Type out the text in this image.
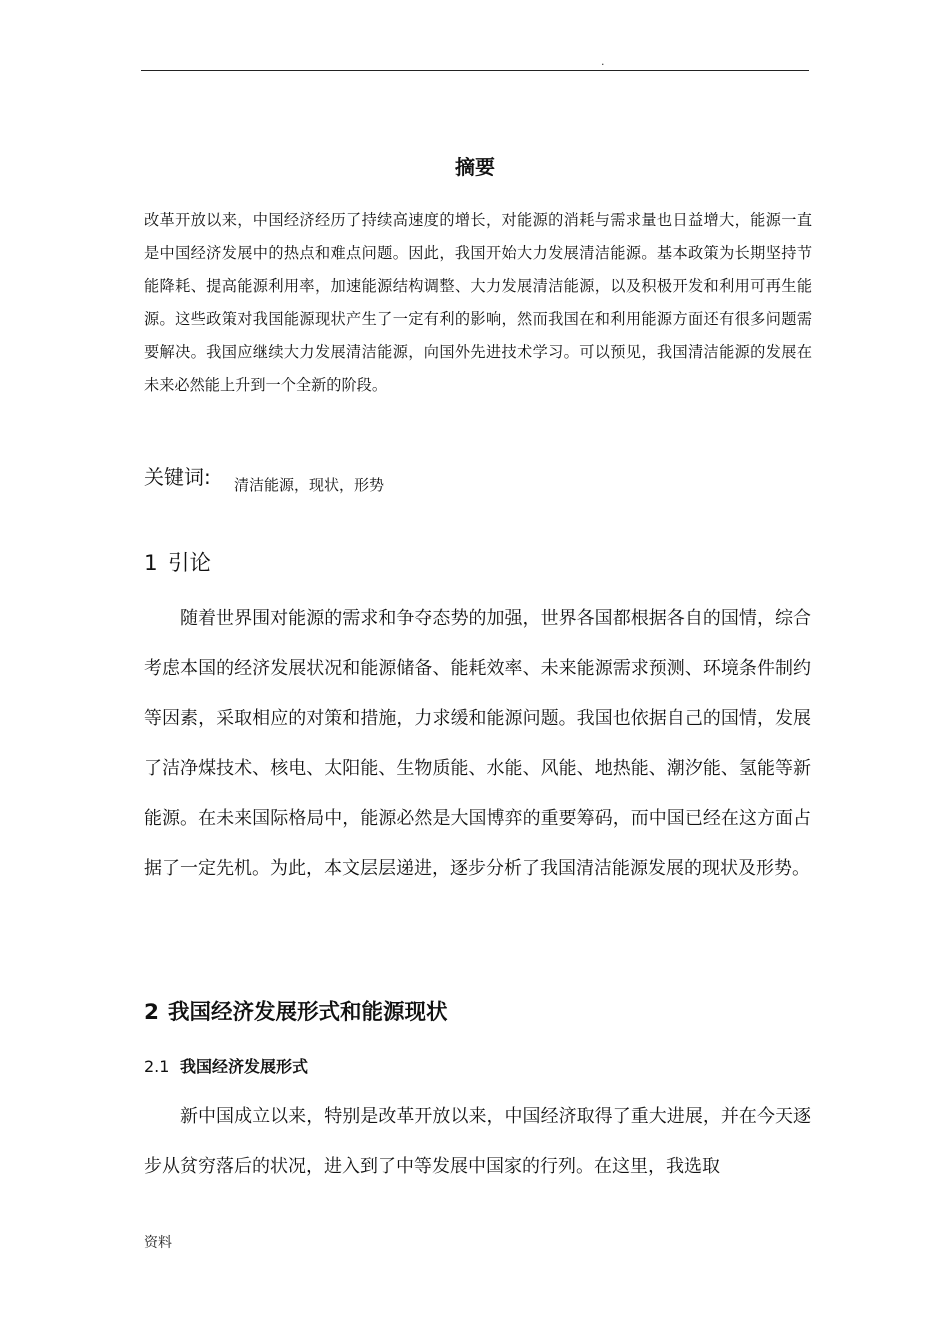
.
摘要

改革开放以来，中国经济经历了持续高速度的增长，对能源的消耗与需求量也日益增大，能源一直是中国经济发展中的热点和难点问题。因此，我国开始大力发展清洁能源。基本政策为长期坚持节能降耗、提高能源利用率，加速能源结构调整、大力发展清洁能源，以及积极开发和利用可再生能源。这些政策对我国能源现状产生了一定有利的影响，然而我国在和利用能源方面还有很多问题需要解决。我国应继续大力发展清洁能源，向国外先进技术学习。可以预见，我国清洁能源的发展在未来必然能上升到一个全新的阶段。

关键词: 清洁能源，现状，形势
1 引论

随着世界围对能源的需求和争夺态势的加强，世界各国都根据各自的国情，综合考虑本国的经济发展状况和能源储备、能耗效率、未来能源需求预测、环境条件制约等因素，采取相应的对策和措施，力求缓和能源问题。我国也依据自己的国情，发展了洁净煤技术、核电、太阳能、生物质能、水能、风能、地热能、潮汐能、氢能等新能源。在未来国际格局中，能源必然是大国博弈的重要筹码，而中国已经在这方面占据了一定先机。为此，本文层层递进，逐步分析了我国清洁能源发展的现状及形势。

2 我国经济发展形式和能源现状
2.1 我国经济发展形式

新中国成立以来，特别是改革开放以来，中国经济取得了重大进展，并在今天逐步从贫穷落后的状况，进入到了中等发展中国家的行列。在这里，我选取

资料
